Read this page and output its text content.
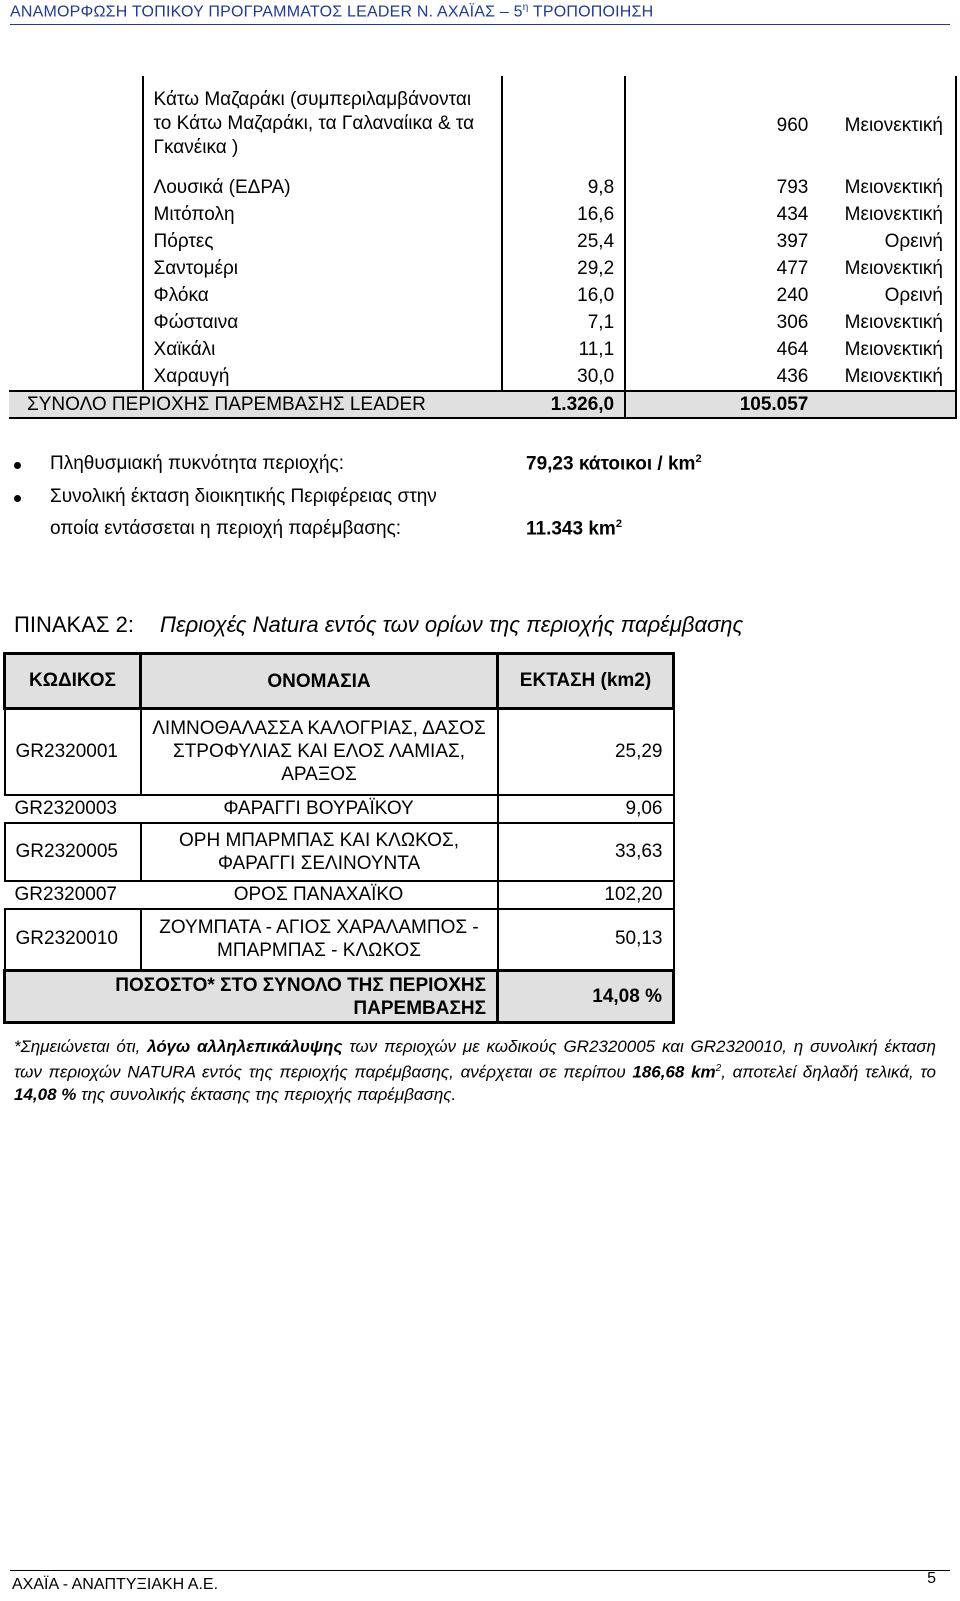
ΑΝΑΜΟΡΦΩΣΗ ΤΟΠΙΚΟΥ ΠΡΟΓΡΑΜΜΑΤΟΣ LEADER Ν. ΑΧΑΪΑΣ – $5^\eta$ ΤΡΟΠΟΠΟΙΗΣΗ
	Κάτω Μαζαράκι (συμπεριλαμβάνονται το Κάτω Μαζαράκι, τα Γαλαναίικα & τα Γκανέικα )		960	Μειονεκτική
	Λουσικά (ΕΔΡΑ)	9,8	793	Μειονεκτική
	Μιτόπολη	16,6	434	Μειονεκτική
	Πόρτες	25,4	397	Ορεινή
	Σαντομέρι	29,2	477	Μειονεκτική
	Φλόκα	16,0	240	Ορεινή
	Φώσταινα	7,1	306	Μειονεκτική
	Χαϊκάλι	11,1	464	Μειονεκτική
	Χαραυγή	30,0	436	Μειονεκτική
ΣΥΝΟΛΟ ΠΕΡΙΟΧΗΣ ΠΑΡΕΜΒΑΣΗΣ LEADER		1.326,0	105.057	
Πληθυσμιακή πυκνότητα περιοχής:	79,23 κάτοικοι / $km^2$
Συνολική έκταση διοικητικής Περιφέρειας στην
οποία εντάσσεται η περιοχή παρέμβασης:	11.343 $km^2$
ΠΙΝΑΚΑΣ 2: Περιοχές Natura εντός των ορίων της περιοχής παρέμβασης
ΚΩΔΙΚΟΣ	ΟΝΟΜΑΣΙΑ	ΕΚΤΑΣΗ (km2)
GR2320001	ΛΙΜΝΟΘΑΛΑΣΣΑ ΚΑΛΟΓΡΙΑΣ, ΔΑΣΟΣ ΣΤΡΟΦΥΛΙΑΣ ΚΑΙ ΕΛΟΣ ΛΑΜΙΑΣ, ΑΡΑΞΟΣ	25,29
GR2320003	ΦΑΡΑΓΓΙ ΒΟΥΡΑΪΚΟΥ	9,06
GR2320005	ΟΡΗ ΜΠΑΡΜΠΑΣ ΚΑΙ ΚΛΩΚΟΣ, ΦΑΡΑΓΓΙ ΣΕΛΙΝΟΥΝΤΑ	33,63
GR2320007	ΟΡΟΣ ΠΑΝΑΧΑΪΚΟ	102,20
GR2320010	ΖΟΥΜΠΑΤΑ - ΑΓΙΟΣ ΧΑΡΑΛΑΜΠΟΣ - ΜΠΑΡΜΠΑΣ - ΚΛΩΚΟΣ	50,13
ΠΟΣΟΣΤΟ* ΣΤΟ ΣΥΝΟΛΟ ΤΗΣ ΠΕΡΙΟΧΗΣ ΠΑΡΕΜΒΑΣΗΣ		14,08 %
*Σημειώνεται ότι, λόγω αλληλεπικάλυψης των περιοχών με κωδικούς GR2320005 και GR2320010, η συνολική έκταση των περιοχών NATURA εντός της περιοχής παρέμβασης, ανέρχεται σε περίπου 186,68 $km^2$, αποτελεί δηλαδή τελικά, το 14,08 % της συνολικής έκτασης της περιοχής παρέμβασης.
ΑΧΑΪΑ - ΑΝΑΠΤΥΞΙΑΚΗ Α.Ε.	5
